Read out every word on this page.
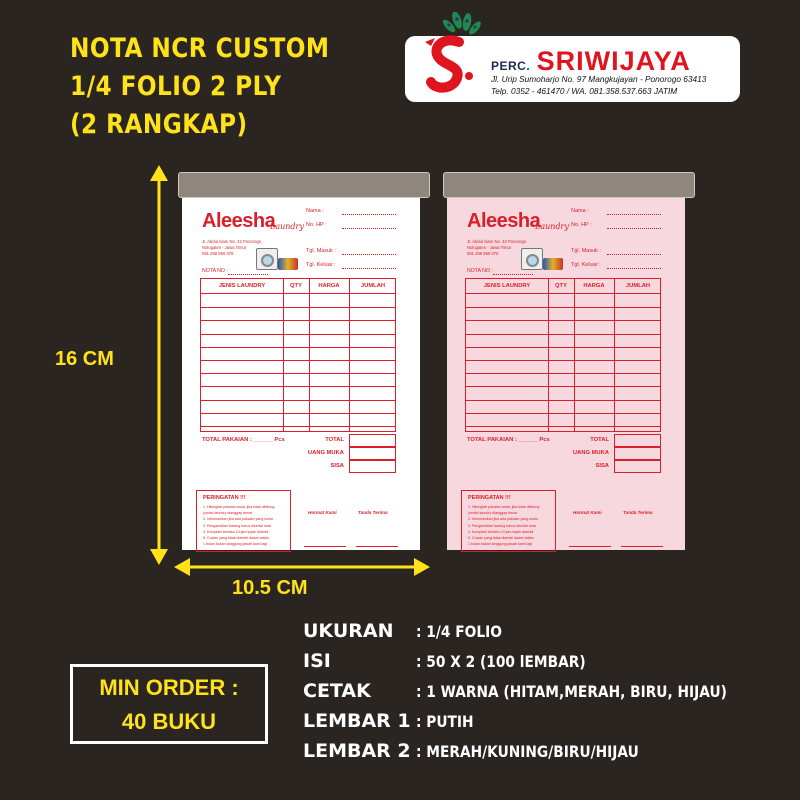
NOTA NCR CUSTOM
1/4 FOLIO 2 PLY
(2 RANGKAP)
PERC. SRIWIJAYA
Jl. Urip Sumoharjo No. 97 Mangkujayan - Ponorogo 63413
Telp. 0352 - 461470 / WA. 081.358.537.663 JATIM
16 CM
10.5 CM
Aleesha
Laundry
Jl. Abdul Alam No. 42 Ponorogo
Nologaten - Jawa Timur
081 256 956 076
Nama :
No. HP :
Tgl. Masuk :
Tgl. Keluar :
NOTA NO :
JENIS LAUNDRY	QTY	HARGA	JUMLAH
TOTAL PAKAIAN : ______ Pcs	TOTAL
UANG MUKA
SISA
PERINGATAN !!!
1. Hitunglah pakaian anda, jika tidak dihitung
jumlah laundry dianggap benar
2. Informasikan jika ada pakaian yang luntur
3. Pengambilan barang harus disertai nota
4. Komplain berlaku 24 jam sejak diambil
5. Cucian yang tidak diambil dalam waktu
1 bulan bukan tanggung jawab kami lagi
Hormat Kami	Tanda Terima
Aleesha
Laundry
Jl. Abdul Alam No. 42 Ponorogo
Nologaten - Jawa Timur
081 256 956 076
Nama :
No. HP :
Tgl. Masuk :
Tgl. Keluar :
NOTA NO :
JENIS LAUNDRY	QTY	HARGA	JUMLAH
TOTAL PAKAIAN : ______ Pcs	TOTAL
UANG MUKA
SISA
PERINGATAN !!!
1. Hitunglah pakaian anda, jika tidak dihitung
jumlah laundry dianggap benar
2. Informasikan jika ada pakaian yang luntur
3. Pengambilan barang harus disertai nota
4. Komplain berlaku 24 jam sejak diambil
5. Cucian yang tidak diambil dalam waktu
1 bulan bukan tanggung jawab kami lagi
Hormat Kami	Tanda Terima
MIN ORDER :
40 BUKU
UKURAN : 1/4 FOLIO
ISI	: 50 X 2 (100 lEMBAR)
CETAK	: 1 WARNA (HITAM,MERAH, BIRU, HIJAU)
LEMBAR 1 : PUTIH
LEMBAR 2 : MERAH/KUNING/BIRU/HIJAU
